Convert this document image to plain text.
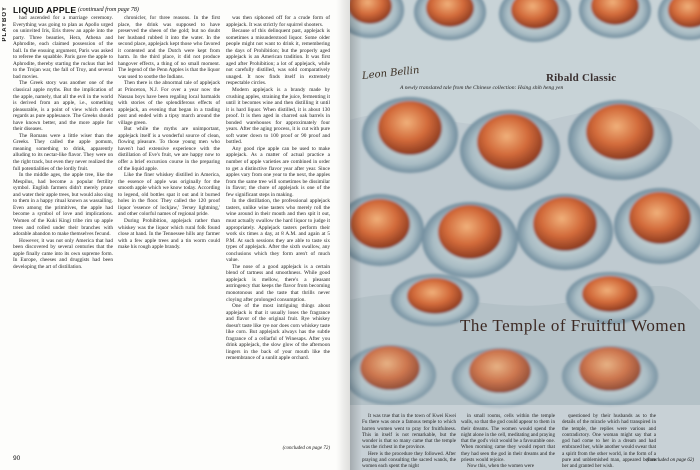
PLAYBOY LIQUID APPLE (continued from page 78)

had ascended for a marriage ceremony. Everything was going to plan as Apollo urged on uninvited Iris, Eris threw an apple into the party. Three beauties, Hera, Athena and Aphrodite, each claimed possession of the ball. In the ensuing argument, Paris was asked to referee the squabble. Paris gave the apple to Aphrodite, thereby starting the ruckus that led to the Trojan war, the fall of Troy, and several bad movies.

The Greek story was another one of the classical apple myths. But the implication of the apple, namely, that all the evil in the world is derived from an apple, i.e., something pleasurable, is a point of view which others regards as pure applesauce. The Greeks should have known better, and the more apple for their diseases.

The Romans were a little wiser than the Greeks. They called the apple pomum, meaning something to drink, apparently alluding to its nectar-like flavor. They were on the right track, but even they never realized the full potentialities of the lordly fruit.

In the middle ages, the apple tree, like the Mespilus, had become a popular fertility symbol. English farmers didn't merely prune and water their apple trees, but would also sing to them in a happy ritual known as wassailing. Even among the primitives, the apple had become a symbol of love and implications. Women of the Kuki Kingi tribe rim up apple trees and rolled under their branches with adorable abandon to make themselves fecund.

However, it was not only America that had been discovered by several centuries that the apple finally came into its own supreme form. In Europe, cheeses and druggists had been developing the art of distillation.

chronicler, for three reasons. In the first place, the drink was supposed to have preserved the sheen of the gold; but no doubt her husband rubbed it into the water. In the second place, applejack kept those who favored it contented and the Dutch were kept from harm. In the third place, it did not produce hangover effects, a thing of no small moment. The legend of the Penn Apples is that the liquor was used to soothe the Indians.

Then there is the abnormal tale of applejack at Princeton, N.J. For over a year now the Nassau boys have been regaling local barmaids with stories of the splendiferous effects of applejack, an evening that began in a trading post and ended with a tipsy march around the village green.

But while the myths are unimportant, applejack itself is a wonderful source of clean, flowing pleasure. To those young men who haven't had extensive experience with the distillation of Eve's fruit, we are happy now to offer a brief excursion course in the preparing of the liquid apple.

Like the finer whiskey distilled in America, the essence of apple was originally for the smooth apple which we know today. According to legend, old bottles spat it out and it burned holes in the floor. They called the 120 proof liquor 'essence of lockjaw,' 'Jersey lightning,' and other colorful names of regional pride.

During Prohibition, applejack rather than whiskey was the liquor which rural folk found close at hand. In the Tennessee hills any farmer with a few apple trees and a tin worm could make his rough apple brandy.

was then siphoned off for a crude form of applejack. It was strictly for squirrel shooters.

Because of this delinquent past, applejack is sometimes a misunderstood liquor. Some older people might not want to drink it, remembering the days of Prohibition; but the properly aged applejack is an American tradition. It was first aged after Prohibition; a lot of applejack, while not carefully distilled, was sold comparatively unaged. It now finds itself in extremely respectable circles.

Modern applejack is a brandy made by crushing apples, straining the juice, fermenting it until it becomes wine and then distilling it until it is hard liquor. When distilled, it is about 130 proof. It is then aged in charred oak barrels in bonded warehouses for approximately four years. After the aging process, it is cut with pure soft water down to 100 proof or 90 proof and bottled.

Any good ripe apple can be used to make applejack. As a matter of actual practice a number of apple varieties are combined in order to get a distinctive flavor year after year. Since apples vary from one year to the next, the apples from the same tree will sometimes be dissimilar in flavor; the chore of applejack is one of the few significant steps in making.

In the distillation, the professional applejack tasters, unlike wine tasters who merely roll the wine around in their mouth and then spit it out, must actually swallow the hard liquor to judge it appropriately. Applejack tasters perform their work six times a day, at 8 A.M. and again at 5 P.M. At such sessions they are able to taste six types of applejack. After the sixth swallow, any conclusions which they form aren't of much value.

The nose of a good applejack is a certain blend of tartness and smoothness. While good applejack is mellow, there's a pleasant astringency that keeps the flavor from becoming monotonous and the taste that thrills never cloying after prolonged consumption.

One of the most intriguing things about applejack is that it usually loses the fragrance and flavor of the original fruit. Rye whiskey doesn't taste like rye nor does corn whiskey taste like corn. But applejack always has the subtle fragrance of a cellarful of Winesaps. After you drink applejack, the slow glow of the afternoon lingers in the back of your mouth like the remembrance of a sunlit apple orchard.

(concluded on page 72)
90
Leon Bellin	Ribald Classic
A newly translated tale from the Chinese collection: Hsing shih heng yen
The Temple of Fruitful Women

It was true that in the town of Kwei Kwei Fu there was once a famous temple to which barren women went to pray for fruitfulness. This in itself is not remarkable, but the wonder is that so many came that the temple was the richest in the province.

Here is the procedure they followed. After praying and consulting the sacred wands, the women each spent the night

in small rooms, cells within the temple walls, so that the god could appear to them in their dreams. The women would spend the night alone in the cell, meditating and praying that the god's visit would be a favourable one. When morning came they would report that they had seen the god in their dreams and the priests would rejoice.

Now this, when the women were

questioned by their husbands as to the details of the miracle which had transpired in the temple, the replies were various and contradictory. One woman might say that a god had come to her in a dream and had embraced her, while another would swear that a spirit from the other world, in the form of a pure and unblemished man, appeared before her and granted her wish.

(concluded on page 62)
